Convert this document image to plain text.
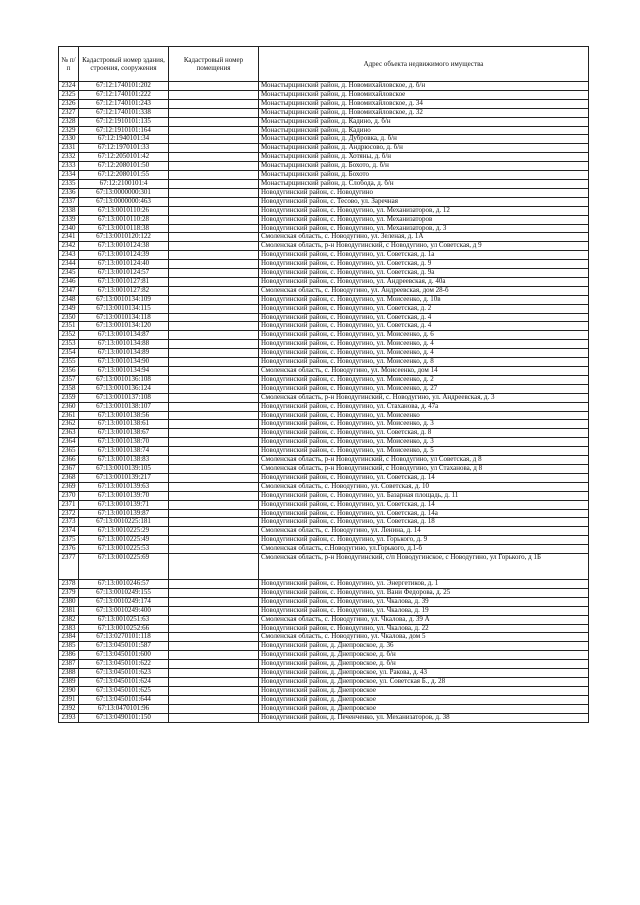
№ п/п	Кадастровый номер здания, строения, сооружения	Кадастровый номер помещения	Адрес объекта недвижимого имущества
2324	67:12:1740101:202		Монастырщинский район, д. Новомихайловское, д. б/н
2325	67:12:1740101:222		Монастырщинский район, д. Новомихайловское
2326	67:12:1740101:243		Монастырщинский район, д. Новомихайловское, д. 34
2327	67:12:1740101:338		Монастырщинский район, д. Новомихайловское, д. 32
2328	67:12:1910101:135		Монастырщинский район, д. Кадино, д. б/н
2329	67:12:1910101:164		Монастырщинский район, д. Кадино
2330	67:12:1940101:34		Монастырщинский район, д. Дубровка, д. б/н
2331	67:12:1970101:33		Монастырщинский район, д. Андрюсово, д. б/н
2332	67:12:2050101:42		Монастырщинский район, д. Хотяны, д. б/н
2333	67:12:2080101:50		Монастырщинский район, д. Бохото, д. б/н
2334	67:12:2080101:55		Монастырщинский район, д. Бохото
2335	67:12:2100101:4		Монастырщинский район, д. Слобода, д. б/н
2336	67:13:0000000:301		Новодугинский район, с. Новодугино
2337	67:13:0000000:463		Новодугинский район, с. Тесово, ул. Заречная
2338	67:13:0010110:26		Новодугинский район, с. Новодугино, ул. Механизаторов, д. 12
2339	67:13:0010110:28		Новодугинский район, с. Новодугино, ул. Механизаторов
2340	67:13:0010118:38		Новодугинский район, с. Новодугино, ул. Механизаторов, д. 3
2341	67:13:0010120:122		Смоленская область, с. Новодугино, ул. Зеленая, д. 1А
2342	67:13:0010124:38		Смоленская область, р-н Новодугинский, с Новодугино, ул Советская, д 9
2343	67:13:0010124:39		Новодугинский район, с. Новодугино, ул. Советская, д. 1а
2344	67:13:0010124:40		Новодугинский район, с. Новодугино, ул. Советская, д. 9
2345	67:13:0010124:57		Новодугинский район, с. Новодугино, ул. Советская, д. 9а
2346	67:13:0010127:81		Новодугинский район, с. Новодугино, ул. Андреевская, д. 40а
2347	67:13:0010127:82		Смоленская область, с. Новодугино, ул. Андреевская, дом 28-б
2348	67:13:0010134:109		Новодугинский район, с. Новодугино, ул. Моисеенко, д. 10в
2349	67:13:0010134:115		Новодугинский район, с. Новодугино, ул. Советская, д. 2
2350	67:13:0010134:118		Новодугинский район, с. Новодугино, ул. Советская, д. 4
2351	67:13:0010134:120		Новодугинский район, с. Новодугино, ул. Советская, д. 4
2352	67:13:0010134:87		Новодугинский район, с. Новодугино, ул. Моисеенко, д. 6
2353	67:13:0010134:88		Новодугинский район, с. Новодугино, ул. Моисеенко, д. 4
2354	67:13:0010134:89		Новодугинский район, с. Новодугино, ул. Моисеенко, д. 4
2355	67:13:0010134:90		Новодугинский район, с. Новодугино, ул. Моисеенко, д. 8
2356	67:13:0010134:94		Смоленская область, с. Новодугино, ул. Моисеенко, дом 14
2357	67:13:0010136:108		Новодугинский район, с. Новодугино, ул. Моисеенко, д. 2
2358	67:13:0010136:124		Новодугинский район, с. Новодугино, ул. Моисеенко, д. 27
2359	67:13:0010137:108		Смоленская область, р-н Новодугинский, с. Новодугино, ул. Андреевская, д. 3
2360	67:13:0010138:107		Новодугинский район, с. Новодугино, ул. Стаханова, д. 47а
2361	67:13:0010138:56		Новодугинский район, с. Новодугино, ул. Моисеенко
2362	67:13:0010138:61		Новодугинский район, с. Новодугино, ул. Моисеенко, д. 3
2363	67:13:0010138:67		Новодугинский район, с. Новодугино, ул. Советская, д. 8
2364	67:13:0010138:70		Новодугинский район, с. Новодугино, ул. Моисеенко, д. 3
2365	67:13:0010138:74		Новодугинский район, с. Новодугино, ул. Моисеенко, д. 5
2366	67:13:0010138:83		Смоленская область, р-н Новодугинский, с Новодугино, ул Советская, д 8
2367	67:13:0010139:105		Смоленская область, р-н Новодугинский, с Новодугино, ул Стаханова, д 8
2368	67:13:0010139:217		Новодугинский район, с. Новодугино, ул. Советская, д. 14
2369	67:13:0010139:63		Смоленская область, с. Новодугино, ул. Советская, д. 10
2370	67:13:0010139:70		Новодугинский район, с. Новодугино, ул. Базарная площадь, д. 11
2371	67:13:0010139:71		Новодугинский район, с. Новодугино, ул. Советская, д. 14
2372	67:13:0010139:87		Новодугинский район, с. Новодугино, ул. Советская, д. 14а
2373	67:13:0010225:181		Новодугинский район, с. Новодугино, ул. Советская, д. 18
2374	67:13:0010225:29		Смоленская область, с. Новодугино, ул. Ленина, д. 14
2375	67:13:0010225:49		Новодугинский район, с. Новодугино, ул. Горького, д. 9
2376	67:13:0010225:53		Смоленская область, с.Новодугино, ул.Горького, д.1-б
2377	67:13:0010225:69		Смоленская область, р-н Новодугинский, с/п Новодугинское, с Новодугино, ул Горького, д 1Б
2378	67:13:0010246:57		Новодугинский район, с. Новодугино, ул. Энергетиков, д. 1
2379	67:13:0010249:155		Новодугинский район, с. Новодугино, ул. Вани Федорова, д. 25
2380	67:13:0010249:174		Новодугинский район, с. Новодугино, ул. Чкалова, д. 39
2381	67:13:0010249:400		Новодугинский район, с. Новодугино, ул. Чкалова, д. 19
2382	67:13:0010251:63		Смоленская область, с. Новодугино, ул. Чкалова, д. 39 А
2383	67:13:0010252:66		Новодугинский район, с. Новодугино, ул. Чкалова, д. 22
2384	67:13:0270101:118		Смоленская область, с. Новодугино, ул. Чкалова, дом 5
2385	67:13:0450101:587		Новодугинский район, д. Днепровское, д. 36
2386	67:13:0450101:600		Новодугинский район, д. Днепровское, д. б/н
2387	67:13:0450101:622		Новодугинский район, д. Днепровское, д. б/н
2388	67:13:0450101:623		Новодугинский район, д. Днепровское, ул. Ракова, д. 43
2389	67:13:0450101:624		Новодугинский район, д. Днепровское, ул. Советская Б., д. 28
2390	67:13:0450101:625		Новодугинский район, д. Днепровское
2391	67:13:0450101:644		Новодугинский район, д. Днепровское
2392	67:13:0470101:96		Новодугинский район, д. Днепровское
2393	67:13:0490101:150		Новодугинский район, д. Печенченко, ул. Механизаторов, д. 38
